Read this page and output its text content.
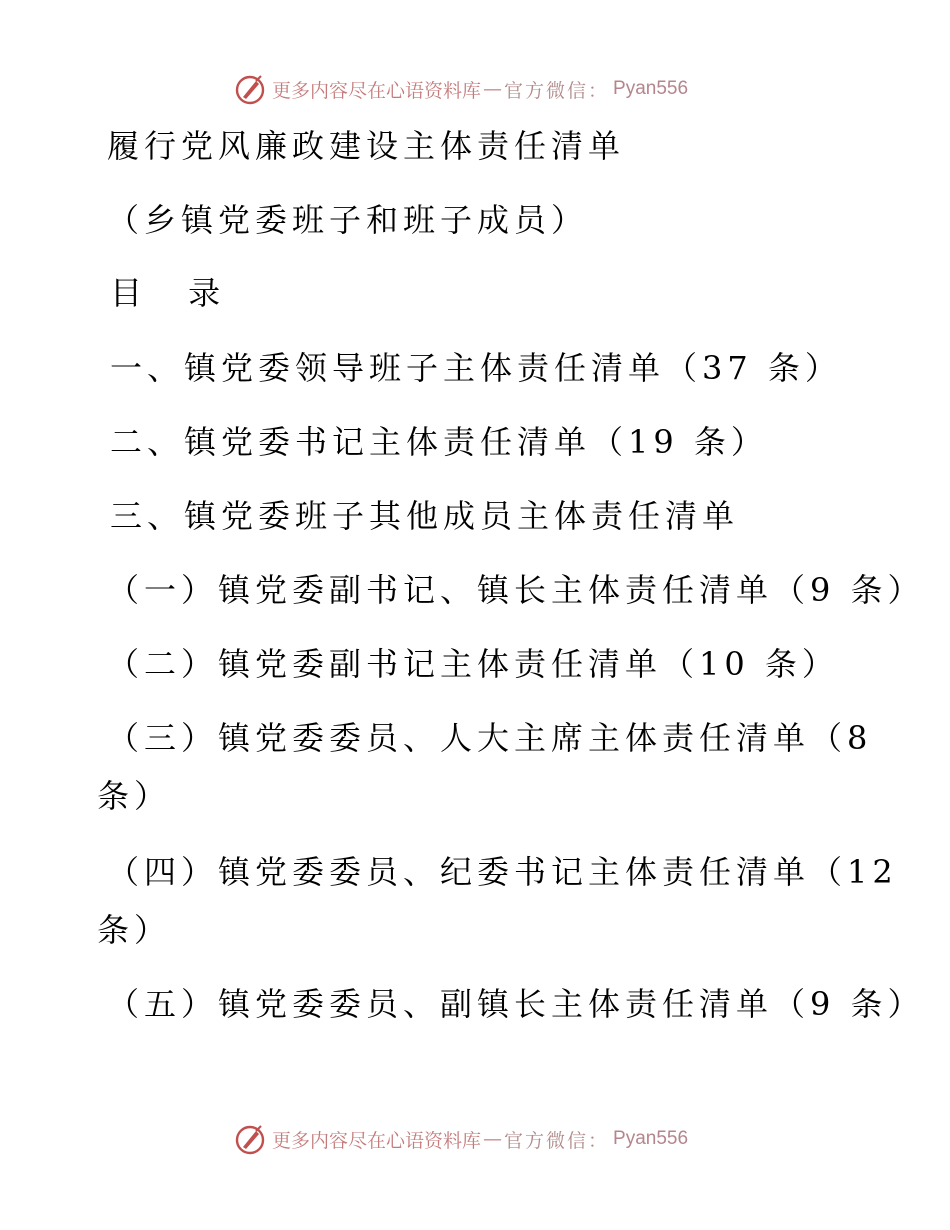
更多内容尽在心语资料库 — 官方微信： Pyan556
履行党风廉政建设主体责任清单
（乡镇党委班子和班子成员）
目 录
一、镇党委领导班子主体责任清单（37 条）
二、镇党委书记主体责任清单（19 条）
三、镇党委班子其他成员主体责任清单
（一）镇党委副书记、镇长主体责任清单（9 条）
（二）镇党委副书记主体责任清单（10 条）
（三）镇党委委员、人大主席主体责任清单（8
条）
（四）镇党委委员、纪委书记主体责任清单（12
条）
（五）镇党委委员、副镇长主体责任清单（9 条）
更多内容尽在心语资料库 — 官方微信： Pyan556
